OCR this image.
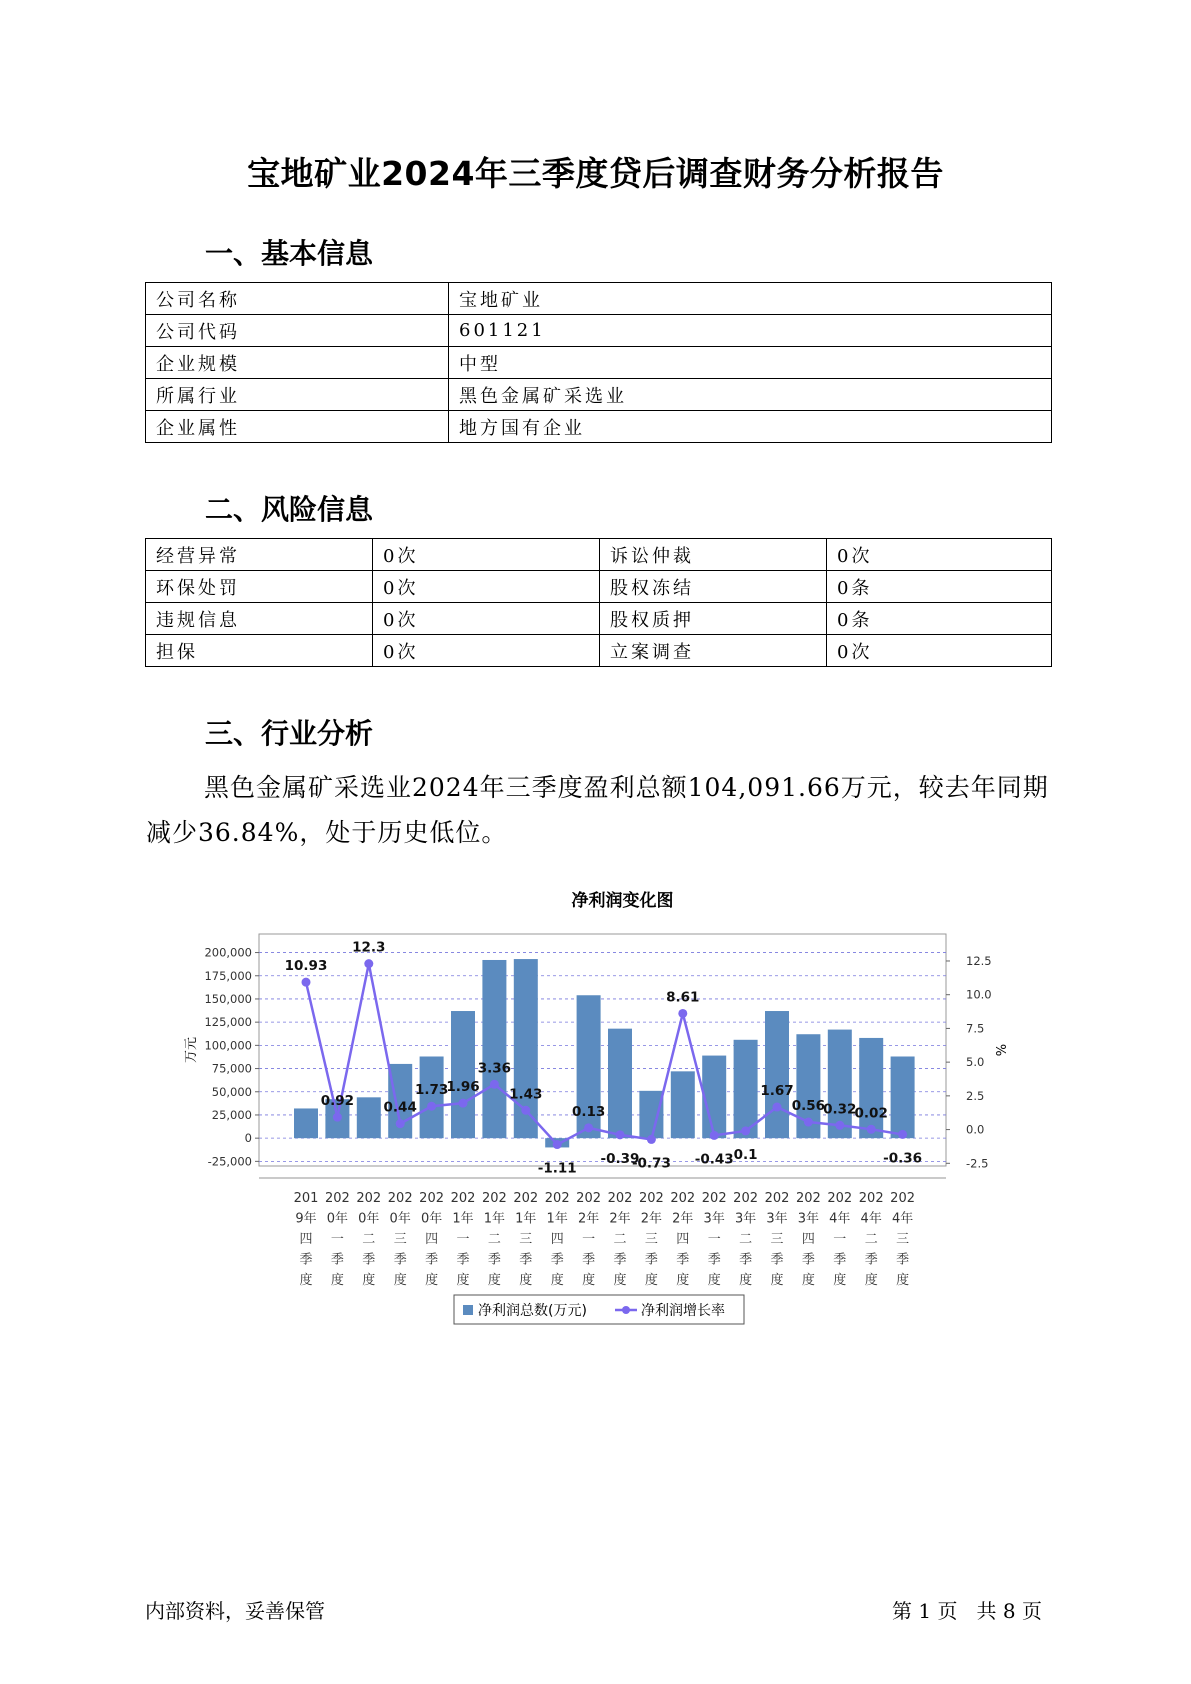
宝地矿业2024年三季度贷后调查财务分析报告
一、基本信息
公司名称	宝地矿业
公司代码	601121
企业规模	中型
所属行业	黑色金属矿采选业
企业属性	地方国有企业
二、风险信息
经营异常	0次	诉讼仲裁	0次
环保处罚	0次	股权冻结	0条
违规信息	0次	股权质押	0条
担保	0次	立案调查	0次
三、行业分析
黑色金属矿采选业2024年三季度盈利总额104,091.66万元，较去年同期减少36.84%，处于历史低位。
净利润变化图
200,000
175,000
150,000
125,000
100,000
75,000
50,000
25,000
0
-25,000
12.5
10.0
7.5
5.0
2.5
0.0
-2.5
万元	%
10.93
0.92
12.3
0.44
1.73
1.96
3.36
1.43
-1.11
0.13
-0.39
-0.73
8.61
-0.43 0.1
1.67
0.56
0.32
0.02
-0.36
201
9年
四
季
度
202
0年
一
季
度
202
0年
二
季
度
202
0年
三
季
度
202
0年
四
季
度
202
1年
一
季
度
202
1年
二
季
度
202
1年
三
季
度
202
1年
四
季
度
202
2年
一
季
度
202
2年
二
季
度
202
2年
三
季
度
202
2年
四
季
度
202
3年
一
季
度
202
3年
二
季
度
202
3年
三
季
度
202
3年
四
季
度
202
4年
一
季
度
202
4年
二
季
度
202
4年
三
季
度
净利润总数(万元)	净利润增长率
内部资料，妥善保管	第 1 页   共 8 页
